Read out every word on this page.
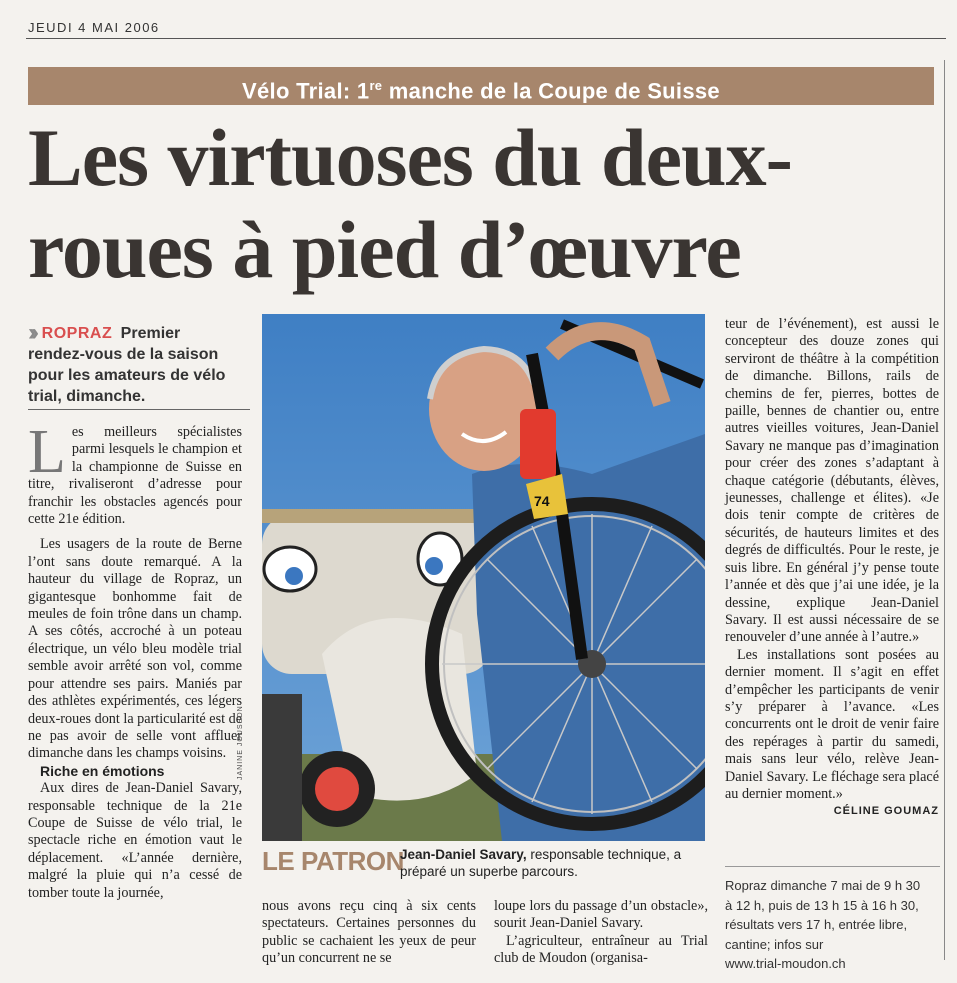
JEUDI 4 MAI 2006
Vélo Trial: 1re manche de la Coupe de Suisse
Les virtuoses du deux-
roues à pied d’œuvre
›› ROPRAZ Premier rendez-vous de la saison pour les amateurs de vélo trial, dimanche.

Les meilleurs spécialistes parmi lesquels le champion et la championne de Suisse en titre, rivaliseront d’adresse pour franchir les obstacles agencés pour cette 21e édition.

Les usagers de la route de Berne l’ont sans doute remarqué. A la hauteur du village de Ropraz, un gigantesque bonhomme fait de meules de foin trône dans un champ. A ses côtés, accroché à un poteau électrique, un vélo bleu modèle trial semble avoir arrêté son vol, comme pour attendre ses pairs. Maniés par des athlètes expérimentés, ces légers deux-roues dont la particularité est de ne pas avoir de selle vont affluer dimanche dans les champs voisins.

Riche en émotions

Aux dires de Jean-Daniel Savary, responsable technique de la 21e Coupe de Suisse de vélo trial, le spectacle riche en émotion vaut le déplacement. «L’année dernière, malgré la pluie qui n’a cessé de tomber toute la journée,

74
JANINE JOUSSON
LE PATRON
Jean-Daniel Savary, responsable technique, a préparé un superbe parcours.

nous avons reçu cinq à six cents spectateurs. Certaines personnes du public se cachaient les yeux de peur qu’un concurrent ne se

loupe lors du passage d’un obstacle», sourit Jean-Daniel Savary.

L’agriculteur, entraîneur au Trial club de Moudon (organisa-

teur de l’événement), est aussi le concepteur des douze zones qui serviront de théâtre à la compétition de dimanche. Billons, rails de chemins de fer, pierres, bottes de paille, bennes de chantier ou, entre autres vieilles voitures, Jean-Daniel Savary ne manque pas d’imagination pour créer des zones s’adaptant à chaque catégorie (débutants, élèves, jeunesses, challenge et élites). «Je dois tenir compte de critères de sécurités, de hauteurs limites et des degrés de difficultés. Pour le reste, je suis libre. En général j’y pense toute l’année et dès que j’ai une idée, je la dessine, explique Jean-Daniel Savary. Il est aussi nécessaire de se renouveler d’une année à l’autre.»

Les installations sont posées au dernier moment. Il s’agit en effet d’empêcher les participants de venir s’y préparer à l’avance. «Les concurrents ont le droit de venir faire des repérages à partir du samedi, mais sans leur vélo, relève Jean-Daniel Savary. Le fléchage sera placé au dernier moment.»

CÉLINE GOUMAZ
Ropraz dimanche 7 mai de 9 h 30
à 12 h, puis de 13 h 15 à 16 h 30,
résultats vers 17 h, entrée libre,
cantine; infos sur
www.trial-moudon.ch
